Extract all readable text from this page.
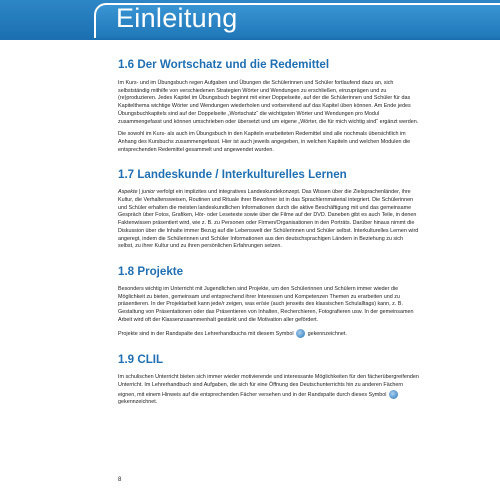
Einleitung
1.6 Der Wortschatz und die Redemittel

Im Kurs- und im Übungsbuch regen Aufgaben und Übungen die Schülerinnen und Schüler fortlaufend dazu an, sich selbstständig mithilfe von verschiedenen Strategien Wörter und Wendungen zu erschließen, einzuprägen und zu (re)produzieren. Jedes Kapitel im Übungsbuch beginnt mit einer Doppelseite, auf der die Schülerinnen und Schüler für das Kapitelthema wichtige Wörter und Wendungen wiederholen und vorbereitend auf das Kapitel üben können. Am Ende jedes Übungsbuchkapitels sind auf der Doppelseite „Wortschatz“ die wichtigsten Wörter und Wendungen pro Modul zusammengefasst und können umschrieben oder übersetzt und um eigene „Wörter, die für mich wichtig sind“ ergänzt werden.

Die sowohl im Kurs- als auch im Übungsbuch in den Kapiteln erarbeiteten Redemittel sind alle nochmals übersichtlich im Anhang des Kursbuchs zusammengefasst. Hier ist auch jeweils angegeben, in welchen Kapiteln und welchen Modulen die entsprechenden Redemittel gesammelt und angewendet wurden.

1.7 Landeskunde / Interkulturelles Lernen

Aspekte | junior verfolgt ein implizites und integratives Landeskundekonzept. Das Wissen über die Zielsprachenländer, ihre Kultur, die Verhaltensweisen, Routinen und Rituale ihrer Bewohner ist in das Sprachlernmaterial integriert. Die Schülerinnen und Schüler erhalten die meisten landeskundlichen Informationen durch die aktive Beschäftigung mit und das gemeinsame Gespräch über Fotos, Grafiken, Hör- oder Lesetexte sowie über die Filme auf der DVD. Daneben gibt es auch Teile, in denen Faktenwissen präsentiert wird, wie z. B. zu Personen oder Firmen/Organisationen in den Porträts. Darüber hinaus nimmt die Diskussion über die Inhalte immer Bezug auf die Lebenswelt der Schülerinnen und Schüler selbst. Interkulturelles Lernen wird angeregt, indem die Schülerinnen und Schüler Informationen aus den deutschsprachigen Ländern in Beziehung zu sich selbst, zu ihrer Kultur und zu ihren persönlichen Erfahrungen setzen.

1.8 Projekte

Besonders wichtig im Unterricht mit Jugendlichen sind Projekte, um den Schülerinnen und Schülern immer wieder die Möglichkeit zu bieten, gemeinsam und entsprechend ihrer Interessen und Kompetenzen Themen zu erarbeiten und zu präsentieren. In der Projektarbeit kann jede/r zeigen, was er/sie (auch jenseits des klassischen Schulalltags) kann, z. B. Gestaltung von Präsentationen oder das Präsentieren von Inhalten, Recherchieren, Fotografieren usw. In der gemeinsamen Arbeit wird oft der Klassenzusammenhalt gestärkt und die Motivation aller gefördert.

Projekte sind in der Randspalte des Lehrerhandbuchs mit diesem Symbol  gekennzeichnet.

1.9 CLIL

Im schulischen Unterricht bieten sich immer wieder motivierende und interessante Möglichkeiten für den fächerübergreifenden Unterricht. Im Lehrerhandbuch sind Aufgaben, die sich für eine Öffnung des Deutschunterrichts hin zu anderen Fächern eignen, mit einem Hinweis auf die entsprechenden Fächer versehen und in der Randspalte durch dieses Symbol  gekennzeichnet.

8
